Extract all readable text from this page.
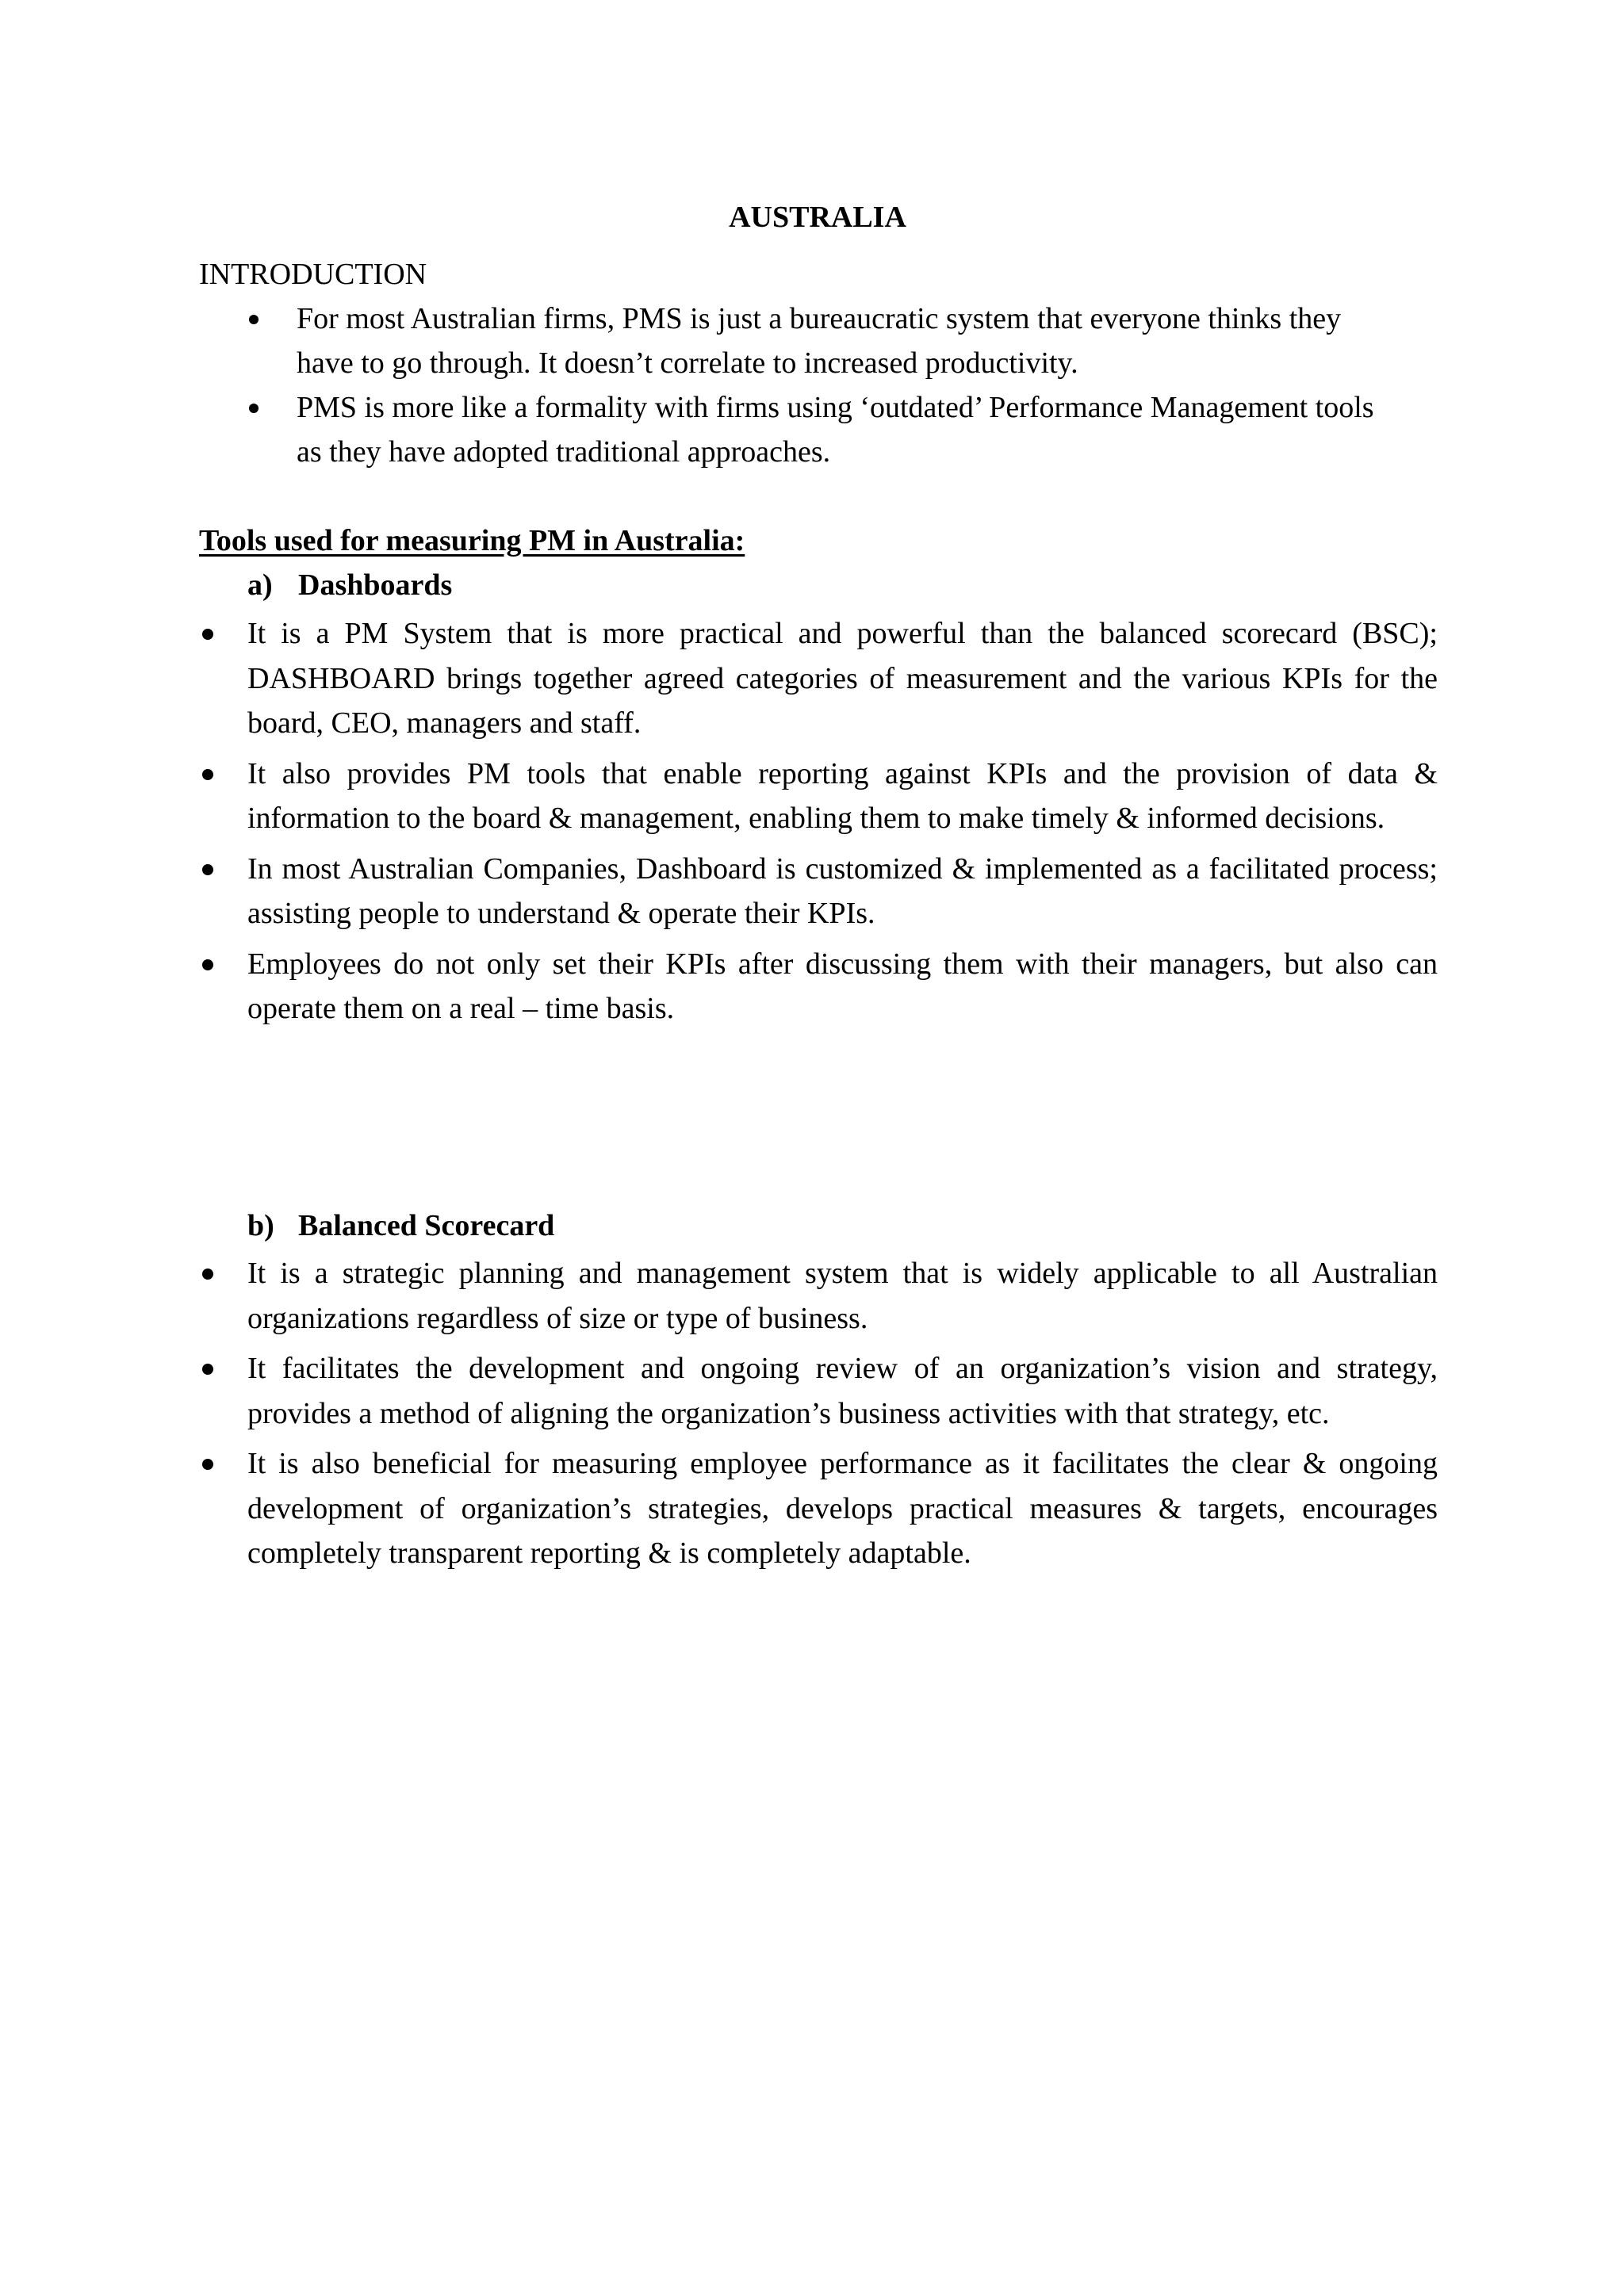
AUSTRALIA
INTRODUCTION
For most Australian firms, PMS is just a bureaucratic system that everyone thinks they have to go through. It doesn’t correlate to increased productivity.
PMS is more like a formality with firms using ‘outdated’ Performance Management tools as they have adopted traditional approaches.
Tools used for measuring PM in Australia:
a) Dashboards
It is a PM System that is more practical and powerful than the balanced scorecard (BSC); DASHBOARD brings together agreed categories of measurement and the various KPIs for the board, CEO, managers and staff.
It also provides PM tools that enable reporting against KPIs and the provision of data & information to the board & management, enabling them to make timely & informed decisions.
In most Australian Companies, Dashboard is customized & implemented as a facilitated process; assisting people to understand & operate their KPIs.
Employees do not only set their KPIs after discussing them with their managers, but also can operate them on a real – time basis.
b) Balanced Scorecard
It is a strategic planning and management system that is widely applicable to all Australian organizations regardless of size or type of business.
It facilitates the development and ongoing review of an organization’s vision and strategy, provides a method of aligning the organization’s business activities with that strategy, etc.
It is also beneficial for measuring employee performance as it facilitates the clear & ongoing development of organization’s strategies, develops practical measures & targets, encourages completely transparent reporting & is completely adaptable.
